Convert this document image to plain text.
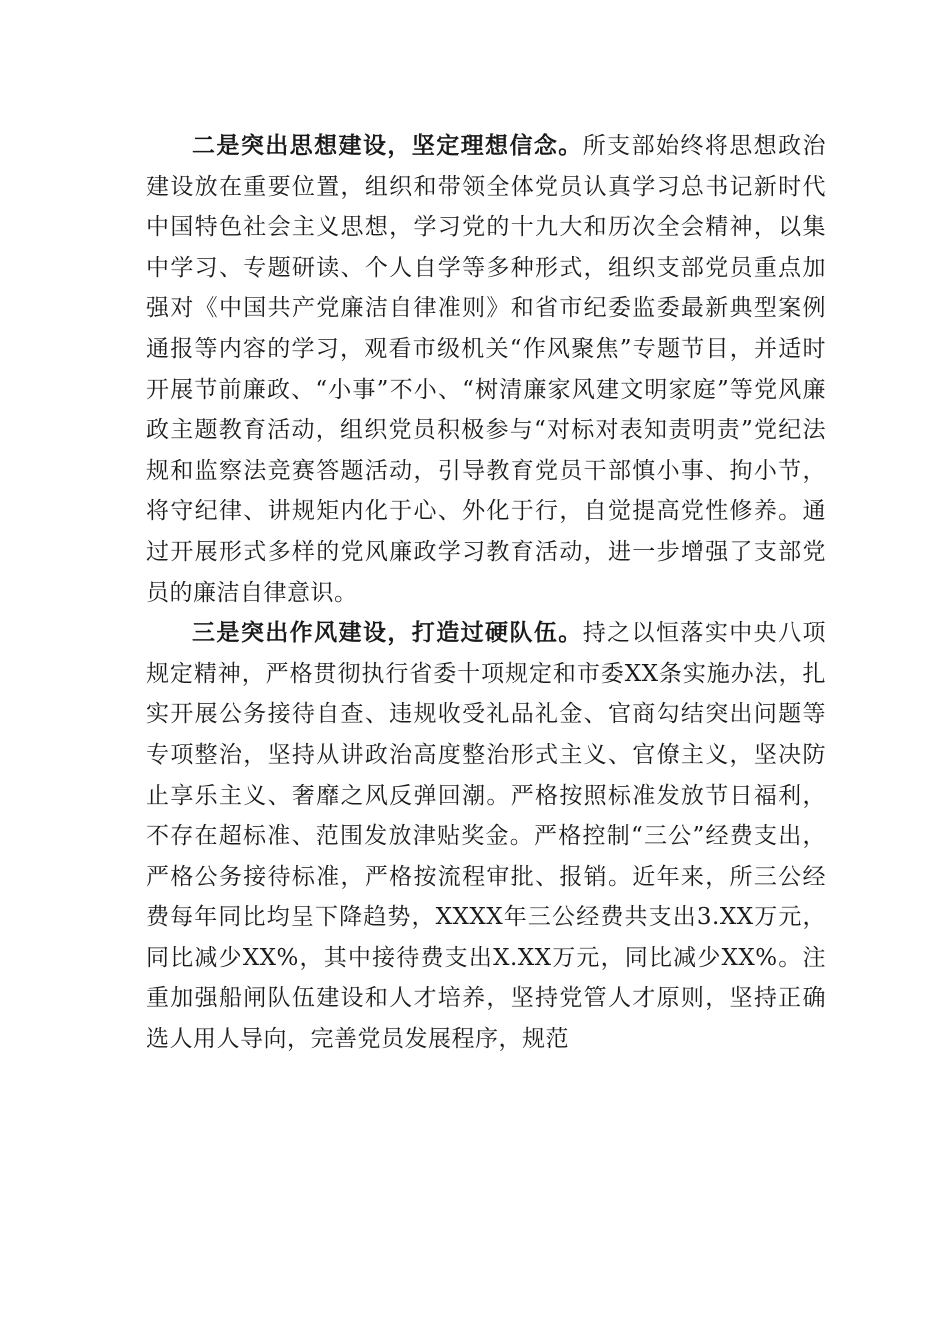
二是突出思想建设，坚定理想信念。所支部始终将思想政治建设放在重要位置，组织和带领全体党员认真学习总书记新时代中国特色社会主义思想，学习党的十九大和历次全会精神，以集中学习、专题研读、个人自学等多种形式，组织支部党员重点加强对《中国共产党廉洁自律准则》和省市纪委监委最新典型案例通报等内容的学习，观看市级机关“作风聚焦”专题节目，并适时开展节前廉政、“小事”不小、“树清廉家风建文明家庭”等党风廉政主题教育活动，组织党员积极参与“对标对表知责明责”党纪法规和监察法竞赛答题活动，引导教育党员干部慎小事、拘小节，将守纪律、讲规矩内化于心、外化于行，自觉提高党性修养。通过开展形式多样的党风廉政学习教育活动，进一步增强了支部党员的廉洁自律意识。

三是突出作风建设，打造过硬队伍。持之以恒落实中央八项规定精神，严格贯彻执行省委十项规定和市委XX条实施办法，扎实开展公务接待自查、违规收受礼品礼金、官商勾结突出问题等专项整治，坚持从讲政治高度整治形式主义、官僚主义，坚决防止享乐主义、奢靡之风反弹回潮。严格按照标准发放节日福利，不存在超标准、范围发放津贴奖金。严格控制“三公”经费支出，严格公务接待标准，严格按流程审批、报销。近年来，所三公经费每年同比均呈下降趋势，XXXX年三公经费共支出3.XX万元，同比减少XX%，其中接待费支出X.XX万元，同比减少XX%。注重加强船闸队伍建设和人才培养，坚持党管人才原则，坚持正确选人用人导向，完善党员发展程序，规范
